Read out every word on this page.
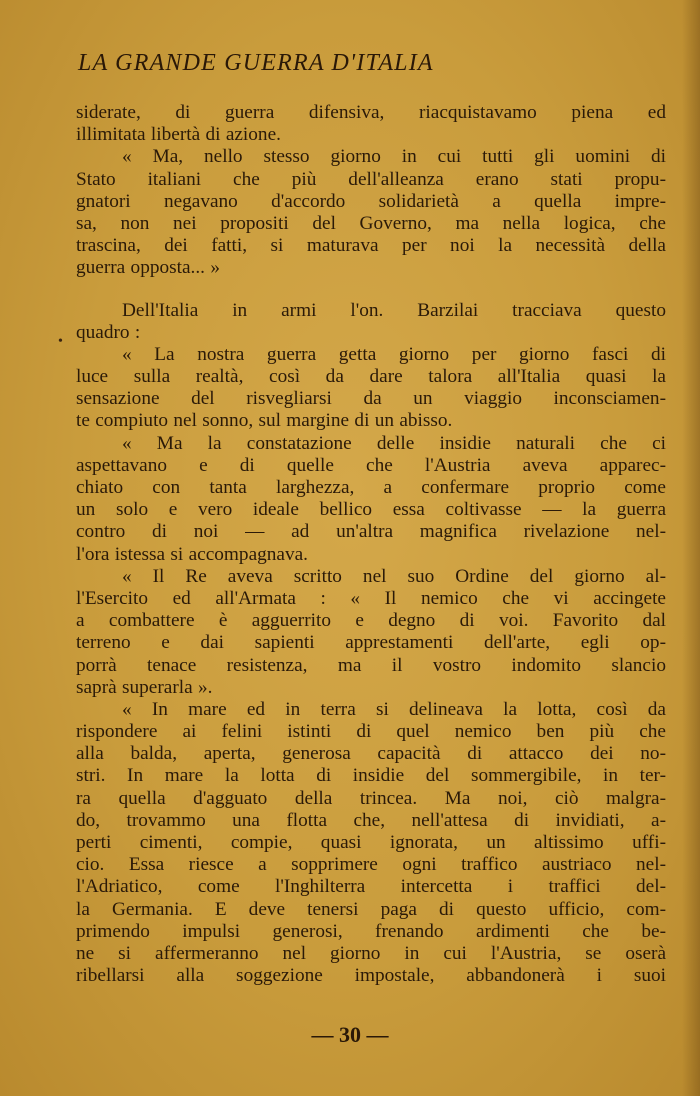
LA GRANDE GUERRA D'ITALIA
•
siderate, di guerra difensiva, riacquistavamo piena ed
illimitata libertà di azione.
« Ma, nello stesso giorno in cui tutti gli uomini di
Stato italiani che più dell'alleanza erano stati propu-
gnatori negavano d'accordo solidarietà a quella impre-
sa, non nei propositi del Governo, ma nella logica, che
trascina, dei fatti, si maturava per noi la necessità della
guerra opposta... »
Dell'Italia in armi l'on. Barzilai tracciava questo
quadro :
« La nostra guerra getta giorno per giorno fasci di
luce sulla realtà, così da dare talora all'Italia quasi la
sensazione del risvegliarsi da un viaggio inconsciamen-
te compiuto nel sonno, sul margine di un abisso.
« Ma la constatazione delle insidie naturali che ci
aspettavano e di quelle che l'Austria aveva apparec-
chiato con tanta larghezza, a confermare proprio come
un solo e vero ideale bellico essa coltivasse — la guerra
contro di noi — ad un'altra magnifica rivelazione nel-
l'ora istessa si accompagnava.
« Il Re aveva scritto nel suo Ordine del giorno al-
l'Esercito ed all'Armata : « Il nemico che vi accingete
a combattere è agguerrito e degno di voi. Favorito dal
terreno e dai sapienti apprestamenti dell'arte, egli op-
porrà tenace resistenza, ma il vostro indomito slancio
saprà superarla ».
« In mare ed in terra si delineava la lotta, così da
rispondere ai felini istinti di quel nemico ben più che
alla balda, aperta, generosa capacità di attacco dei no-
stri. In mare la lotta di insidie del sommergibile, in ter-
ra quella d'agguato della trincea. Ma noi, ciò malgra-
do, trovammo una flotta che, nell'attesa di invidiati, a-
perti cimenti, compie, quasi ignorata, un altissimo uffi-
cio. Essa riesce a sopprimere ogni traffico austriaco nel-
l'Adriatico, come l'Inghilterra intercetta i traffici del-
la Germania. E deve tenersi paga di questo ufficio, com-
primendo impulsi generosi, frenando ardimenti che be-
ne si affermeranno nel giorno in cui l'Austria, se oserà
ribellarsi alla soggezione impostale, abbandonerà i suoi
— 30 —
